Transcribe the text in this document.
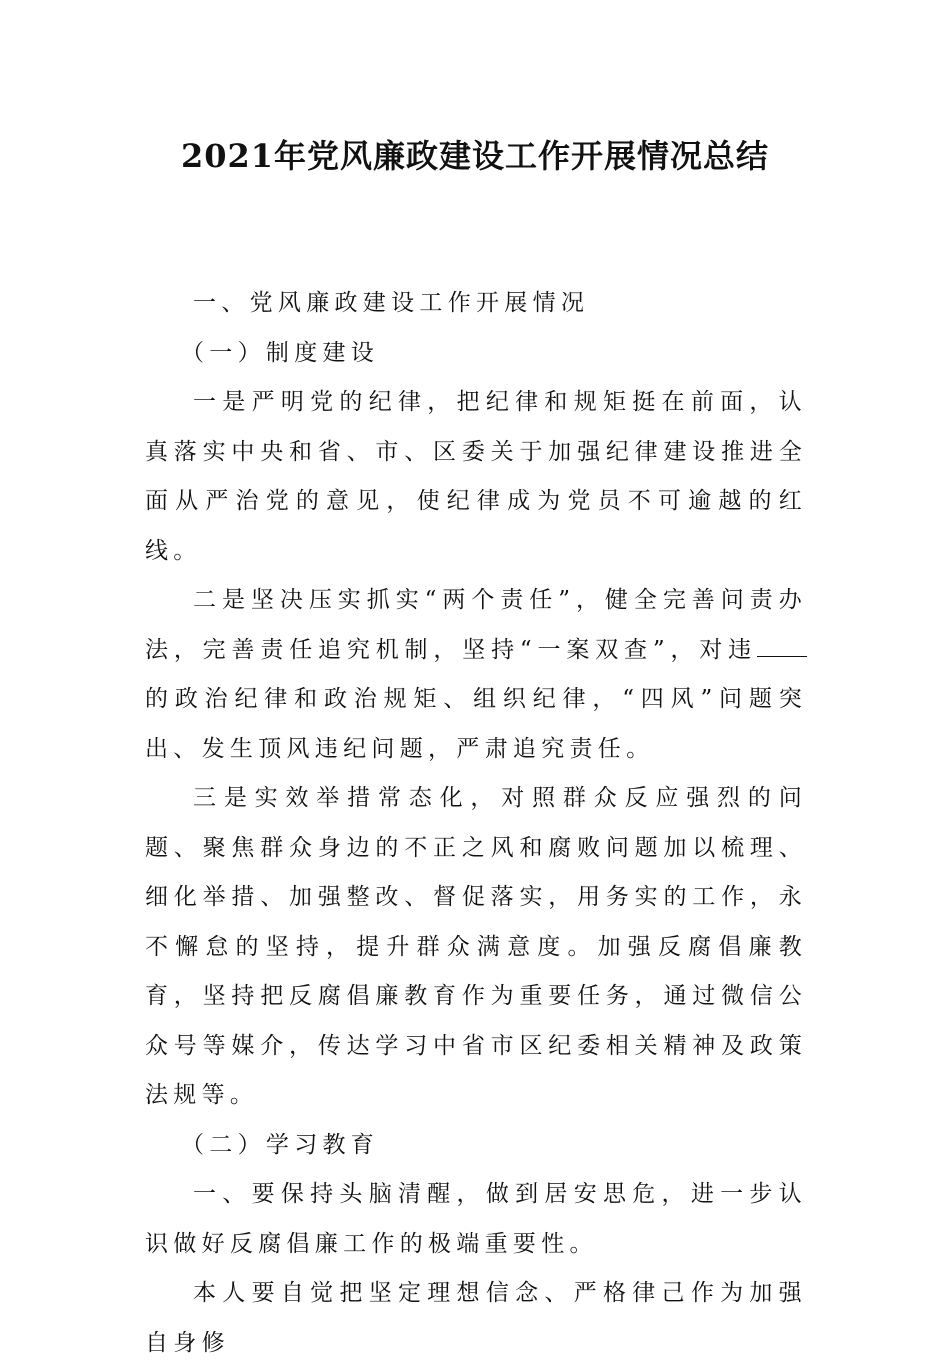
2021年党风廉政建设工作开展情况总结

一、党风廉政建设工作开展情况

（一）制度建设

一是严明党的纪律，把纪律和规矩挺在前面，认真落实中央和省、市、区委关于加强纪律建设推进全面从严治党的意见，使纪律成为党员不可逾越的红线。

二是坚决压实抓实“两个责任”，健全完善问责办法，完善责任追究机制，坚持“一案双查”，对违的政治纪律和政治规矩、组织纪律，“四风”问题突出、发生顶风违纪问题，严肃追究责任。

三是实效举措常态化，对照群众反应强烈的问题、聚焦群众身边的不正之风和腐败问题加以梳理、细化举措、加强整改、督促落实，用务实的工作，永不懈怠的坚持，提升群众满意度。加强反腐倡廉教育，坚持把反腐倡廉教育作为重要任务，通过微信公众号等媒介，传达学习中省市区纪委相关精神及政策法规等。

（二）学习教育

一、要保持头脑清醒，做到居安思危，进一步认识做好反腐倡廉工作的极端重要性。

本人要自觉把坚定理想信念、严格律己作为加强自身修
